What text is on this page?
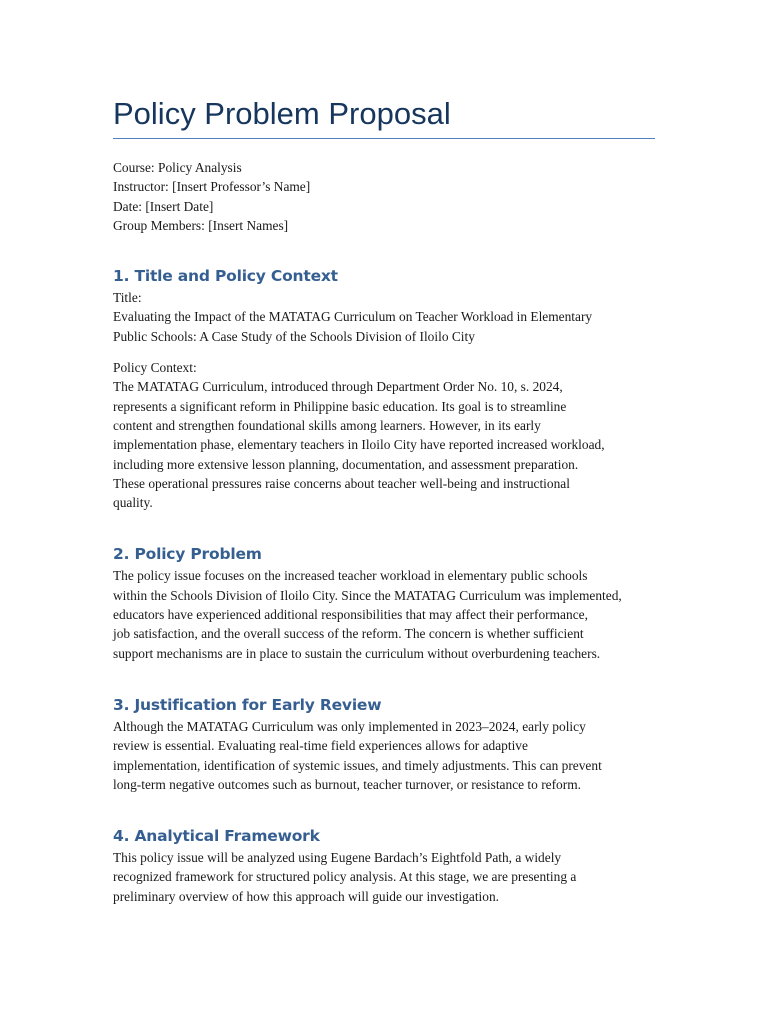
Policy Problem Proposal

Course: Policy Analysis

Instructor: [Insert Professor’s Name]

Date: [Insert Date]

Group Members: [Insert Names]

1. Title and Policy Context

Title:

Evaluating the Impact of the MATATAG Curriculum on Teacher Workload in Elementary

Public Schools: A Case Study of the Schools Division of Iloilo City

Policy Context:

The MATATAG Curriculum, introduced through Department Order No. 10, s. 2024,

represents a significant reform in Philippine basic education. Its goal is to streamline

content and strengthen foundational skills among learners. However, in its early

implementation phase, elementary teachers in Iloilo City have reported increased workload,

including more extensive lesson planning, documentation, and assessment preparation.

These operational pressures raise concerns about teacher well-being and instructional

quality.

2. Policy Problem

The policy issue focuses on the increased teacher workload in elementary public schools

within the Schools Division of Iloilo City. Since the MATATAG Curriculum was implemented,

educators have experienced additional responsibilities that may affect their performance,

job satisfaction, and the overall success of the reform. The concern is whether sufficient

support mechanisms are in place to sustain the curriculum without overburdening teachers.

3. Justification for Early Review

Although the MATATAG Curriculum was only implemented in 2023–2024, early policy

review is essential. Evaluating real-time field experiences allows for adaptive

implementation, identification of systemic issues, and timely adjustments. This can prevent

long-term negative outcomes such as burnout, teacher turnover, or resistance to reform.

4. Analytical Framework

This policy issue will be analyzed using Eugene Bardach’s Eightfold Path, a widely

recognized framework for structured policy analysis. At this stage, we are presenting a

preliminary overview of how this approach will guide our investigation.
